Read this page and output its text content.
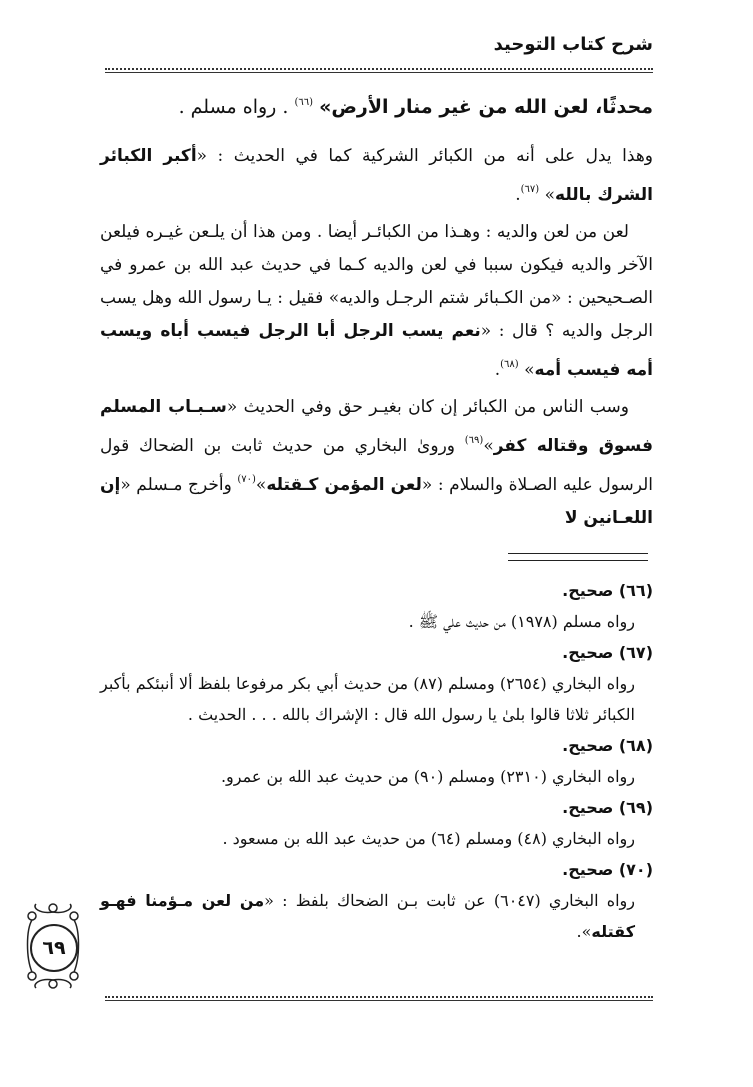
شرح كتاب التوحيد

محدثًا، لعن الله من غير منار الأرض» $^{(٦٦)}$ . رواه مسلم .

وهذا يدل على أنه من الكبائر الشركية كما في الحديث : «أكبر الكبائر الشرك بالله» $^{(٦٧)}$.

لعن من لعن والديه : وهـذا من الكبائـر أيضا . ومن هذا أن يلـعن غيـره فيلعن الآخر والديه فيكون سببا في لعن والديه كـما في حديث عبد الله بن عمرو في الصـحيحين : «من الكـبائر شتم الرجـل والديه» فقيل : يـا رسول الله وهل يسب الرجل والديه ؟ قال : «نعم يسب الرجل أبا الرجل فيسب أباه ويسب أمه فيسب أمه» $^{(٦٨)}$.

وسب الناس من الكبائر إن كان بغيـر حق وفي الحديث «سـبـاب المسلم فسوق وقتاله كفر»$^{(٦٩)}$ وروىٰ البخاري من حديث ثابت بن الضحاك قول الرسول عليه الصـلاة والسلام : «لعن المؤمن كـقتله»$^{(٧٠)}$ وأخرج مـسلم «إن اللعـانين لا

(٦٦) صحيح.

رواه مسلم (١٩٧٨) من حديث علي ﷺ .

(٦٧) صحيح.

رواه البخاري (٢٦٥٤) ومسلم (٨٧) من حديث أبي بكر مرفوعا بلفظ ألا أنبئكم بأكبر الكبائر ثلاثا قالوا بلىٰ يا رسول الله قال : الإشراك بالله . . . الحديث .

(٦٨) صحيح.

رواه البخاري (٢٣١٠) ومسلم (٩٠) من حديث عبد الله بن عمرو.

(٦٩) صحيح.

رواه البخاري (٤٨) ومسلم (٦٤) من حديث عبد الله بن مسعود .

(٧٠) صحيح.

رواه البخاري (٦٠٤٧) عن ثابت بـن الضحاك بلفظ : «من لعن مـؤمنا فهـو كقتله».

٦٩
